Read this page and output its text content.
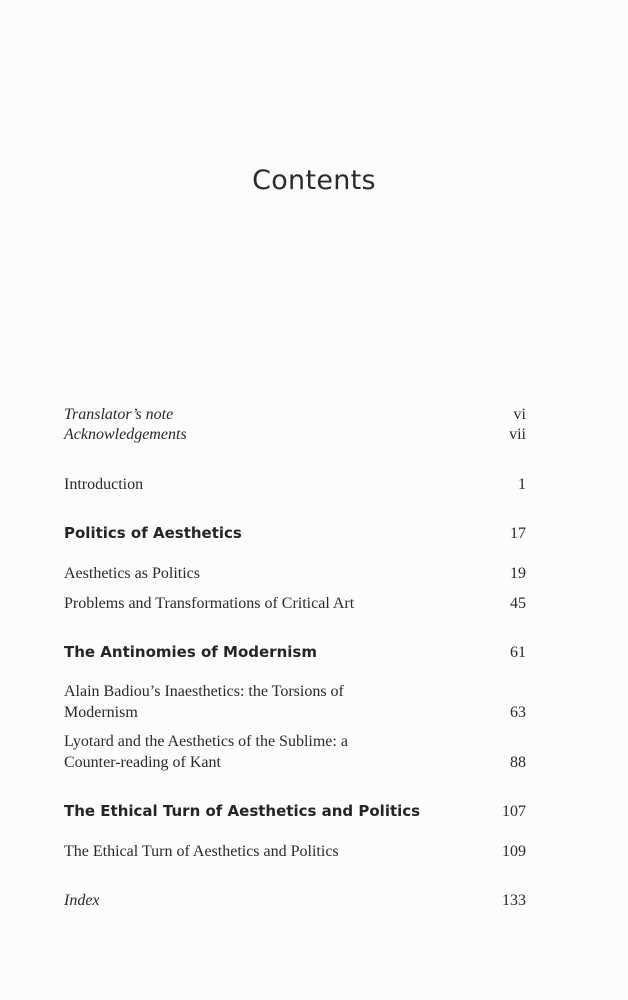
Contents
Translator’s note	vi
Acknowledgements	vii
Introduction	1
Politics of Aesthetics	17
Aesthetics as Politics	19
Problems and Transformations of Critical Art	45
The Antinomies of Modernism	61
Alain Badiou’s Inaesthetics: the Torsions of Modernism	63
Lyotard and the Aesthetics of the Sublime: a Counter-reading of Kant	88
The Ethical Turn of Aesthetics and Politics	107
The Ethical Turn of Aesthetics and Politics	109
Index	133
